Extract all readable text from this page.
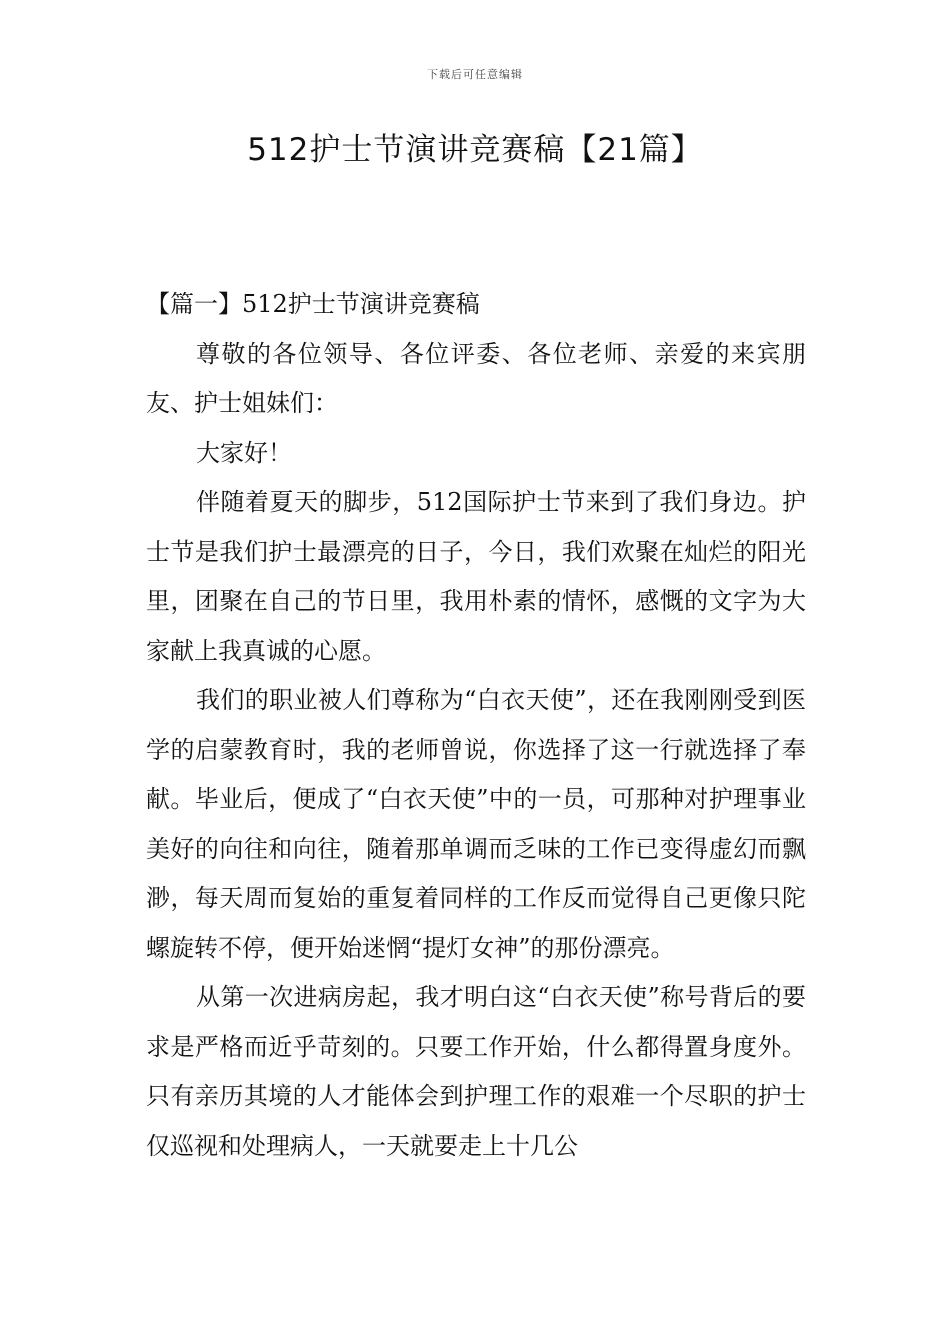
下载后可任意编辑
512护士节演讲竞赛稿【21篇】

【篇一】512护士节演讲竞赛稿

尊敬的各位领导、各位评委、各位老师、亲爱的来宾朋友、护士姐妹们：

大家好！

伴随着夏天的脚步，512国际护士节来到了我们身边。护士节是我们护士最漂亮的日子，今日，我们欢聚在灿烂的阳光里，团聚在自己的节日里，我用朴素的情怀，感慨的文字为大家献上我真诚的心愿。

我们的职业被人们尊称为“白衣天使”，还在我刚刚受到医学的启蒙教育时，我的老师曾说，你选择了这一行就选择了奉献。毕业后，便成了“白衣天使”中的一员，可那种对护理事业美好的向往和向往，随着那单调而乏味的工作已变得虚幻而飘渺，每天周而复始的重复着同样的工作反而觉得自己更像只陀螺旋转不停，便开始迷惘“提灯女神”的那份漂亮。

从第一次进病房起，我才明白这“白衣天使”称号背后的要求是严格而近乎苛刻的。只要工作开始，什么都得置身度外。只有亲历其境的人才能体会到护理工作的艰难一个尽职的护士仅巡视和处理病人，一天就要走上十几公
